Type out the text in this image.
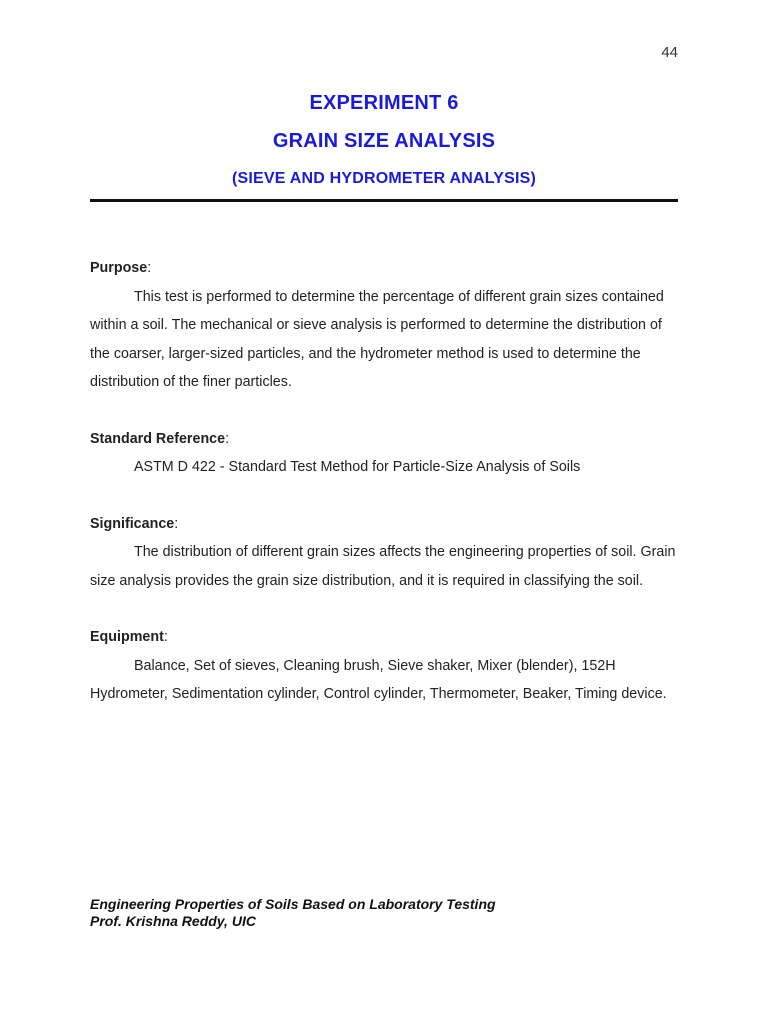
44
EXPERIMENT 6
GRAIN SIZE ANALYSIS
(SIEVE AND HYDROMETER ANALYSIS)
Purpose:

This test is performed to determine the percentage of different grain sizes contained within a soil. The mechanical or sieve analysis is performed to determine the distribution of the coarser, larger-sized particles, and the hydrometer method is used to determine the distribution of the finer particles.

Standard Reference:
ASTM D 422 - Standard Test Method for Particle-Size Analysis of Soils
Significance:

The distribution of different grain sizes affects the engineering properties of soil. Grain size analysis provides the grain size distribution, and it is required in classifying the soil.

Equipment:

Balance, Set of sieves, Cleaning brush, Sieve shaker, Mixer (blender), 152H Hydrometer, Sedimentation cylinder, Control cylinder, Thermometer, Beaker, Timing device.

Engineering Properties of Soils Based on Laboratory Testing
Prof. Krishna Reddy, UIC
